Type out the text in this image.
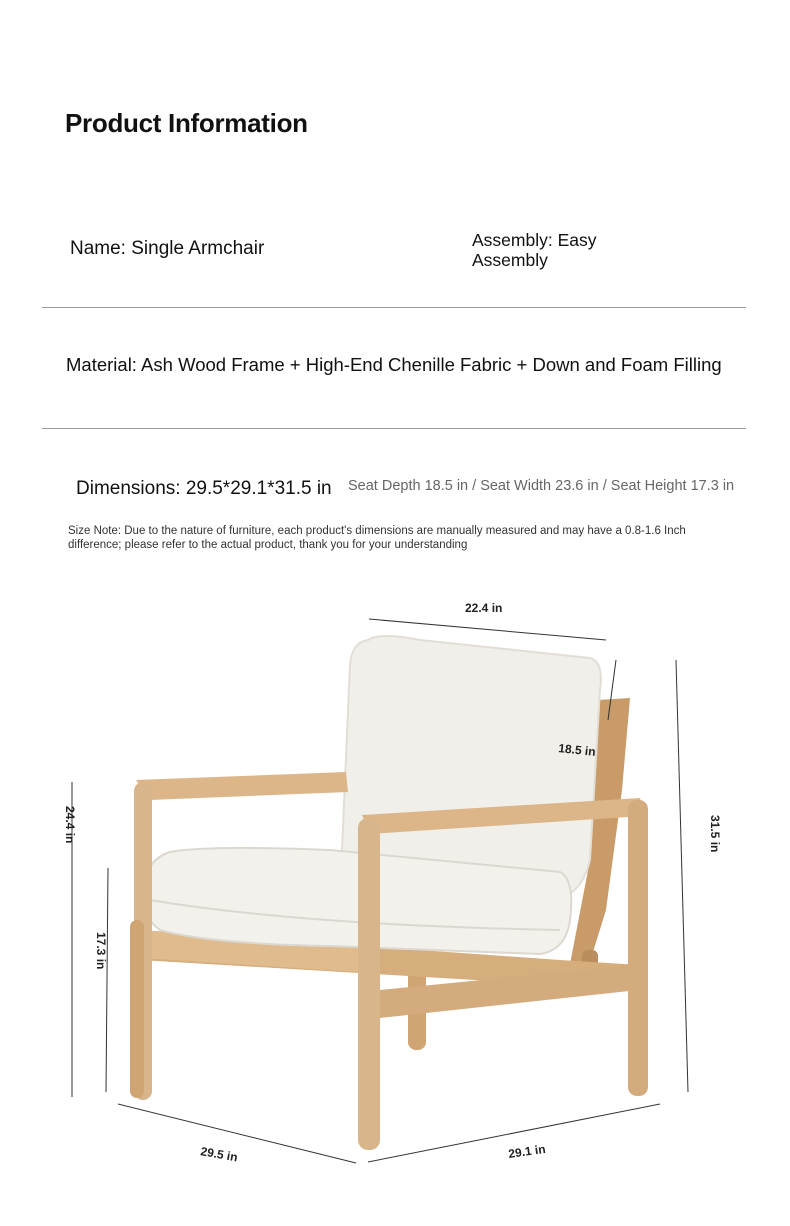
Product Information
Name: Single Armchair	Assembly: Easy Assembly
Material: Ash Wood Frame + High-End Chenille Fabric + Down and Foam Filling
Dimensions: 29.5*29.1*31.5 in Seat Depth 18.5 in / Seat Width 23.6 in / Seat Height 17.3 in
Size Note: Due to the nature of furniture, each product's dimensions are manually measured and may have a 0.8-1.6 Inch difference; please refer to the actual product, thank you for your understanding
22.4 in
18.5 in
24.4 in
17.3 in
31.5 in
29.5 in	29.1 in
